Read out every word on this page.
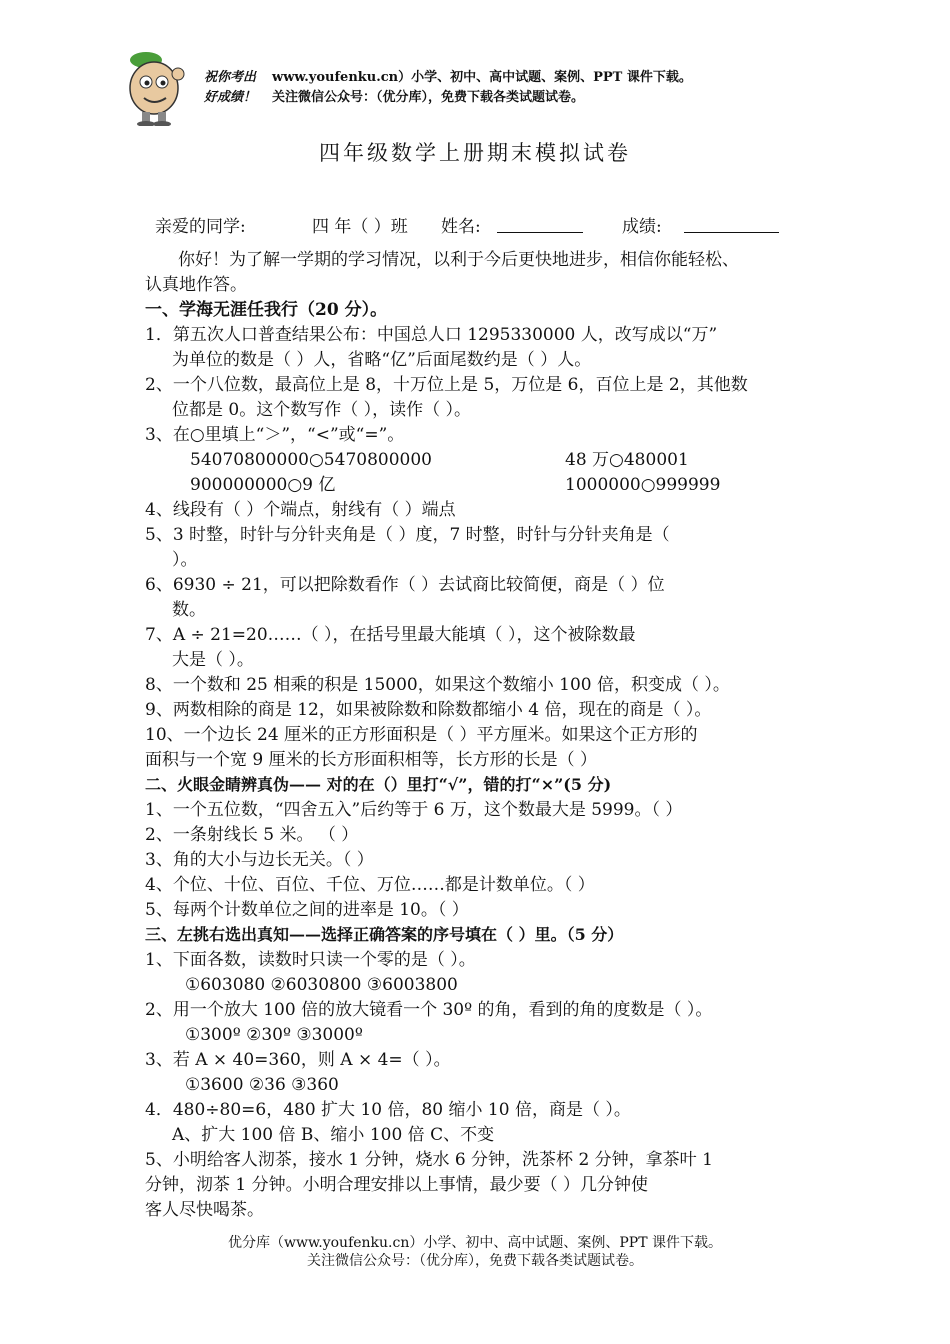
祝你考出
好成绩！
www.youfenku.cn）小学、初中、高中试题、案例、PPT 课件下载。
关注微信公众号：（优分库），免费下载各类试题试卷。
四年级数学上册期末模拟试卷
亲爱的同学:	四 年（ ）班 姓名:	成绩:
你好！为了解一学期的学习情况，以利于今后更快地进步，相信你能轻松、
认真地作答。
一、学海无涯任我行（20 分）。
1．第五次人口普查结果公布：中国总人口 1295330000 人，改写成以“万”
为单位的数是（ ）人，省略“亿”后面尾数约是（ ）人。
2、一个八位数，最高位上是 8，十万位上是 5，万位是 6，百位上是 2，其他数
位都是 0。这个数写作（ ），读作（ ）。
3、在○里填上“＞”，“<”或“=”。
54070800000○5470800000	48 万○480001
900000000○9 亿	1000000○999999
4、线段有（ ）个端点，射线有（ ）端点
5、3 时整，时针与分针夹角是（ ）度，7 时整，时针与分针夹角是（
）。
6、6930 ÷ 21，可以把除数看作（ ）去试商比较简便，商是（ ）位
数。
7、A ÷ 21=20……（ ），在括号里最大能填（ ），这个被除数最
大是（ ）。
8、一个数和 25 相乘的积是 15000，如果这个数缩小 100 倍，积变成（ ）。
9、两数相除的商是 12，如果被除数和除数都缩小 4 倍，现在的商是（ ）。
10、一个边长 24 厘米的正方形面积是（ ）平方厘米。如果这个正方形的
面积与一个宽 9 厘米的长方形面积相等，长方形的长是（ ）
二、火眼金睛辨真伪—— 对的在（）里打“√”，错的打“×”(5 分)
1、一个五位数，“四舍五入”后约等于 6 万，这个数最大是 5999。（ ）
2、一条射线长 5 米。 （ ）
3、角的大小与边长无关。（ ）
4、个位、十位、百位、千位、万位……都是计数单位。（ ）
5、每两个计数单位之间的进率是 10。（ ）
三、左挑右选出真知——选择正确答案的序号填在（ ）里。（5 分）
1、下面各数，读数时只读一个零的是（ ）。
①603080 ②6030800 ③6003800
2、用一个放大 100 倍的放大镜看一个 30º 的角，看到的角的度数是（ ）。
①300º ②30º ③3000º
3、若 A × 40=360，则 A × 4=（ ）。
①3600 ②36 ③360
4．480÷80=6，480 扩大 10 倍，80 缩小 10 倍，商是（ ）。
A、扩大 100 倍 B、缩小 100 倍 C、不变
5、小明给客人沏茶，接水 1 分钟，烧水 6 分钟，洗茶杯 2 分钟，拿茶叶 1
分钟，沏茶 1 分钟。小明合理安排以上事情，最少要（ ）几分钟使
客人尽快喝茶。
优分库（www.youfenku.cn）小学、初中、高中试题、案例、PPT 课件下载。
关注微信公众号：（优分库），免费下载各类试题试卷。
